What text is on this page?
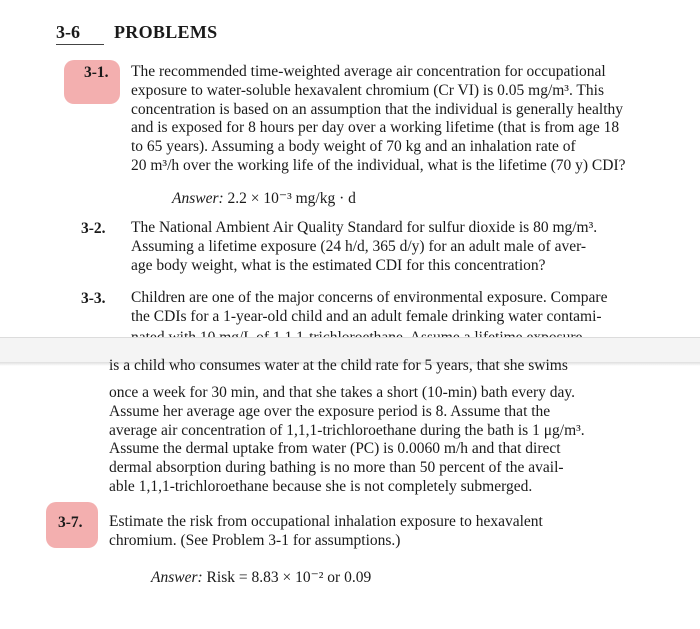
3-6 PROBLEMS
3-1. The recommended time-weighted average air concentration for occupational
exposure to water-soluble hexavalent chromium (Cr VI) is 0.05 mg/m³. This
concentration is based on an assumption that the individual is generally healthy
and is exposed for 8 hours per day over a working lifetime (that is from age 18
to 65 years). Assuming a body weight of 70 kg and an inhalation rate of
20 m³/h over the working life of the individual, what is the lifetime (70 y) CDI?
Answer: 2.2 × 10⁻³ mg/kg · d
3-2. The National Ambient Air Quality Standard for sulfur dioxide is 80 mg/m³.
Assuming a lifetime exposure (24 h/d, 365 d/y) for an adult male of aver-
age body weight, what is the estimated CDI for this concentration?
3-3. Children are one of the major concerns of environmental exposure. Compare
the CDIs for a 1-year-old child and an adult female drinking water contami-
is a child who consumes water at the child rate for 5 years, that she swims
once a week for 30 min, and that she takes a short (10-min) bath every day.
Assume her average age over the exposure period is 8. Assume that the
average air concentration of 1,1,1-trichloroethane during the bath is 1 μg/m³.
Assume the dermal uptake from water (PC) is 0.0060 m/h and that direct
dermal absorption during bathing is no more than 50 percent of the avail-
able 1,1,1-trichloroethane because she is not completely submerged.
3-7. Estimate the risk from occupational inhalation exposure to hexavalent
chromium. (See Problem 3-1 for assumptions.)
Answer: Risk = 8.83 × 10⁻² or 0.09
